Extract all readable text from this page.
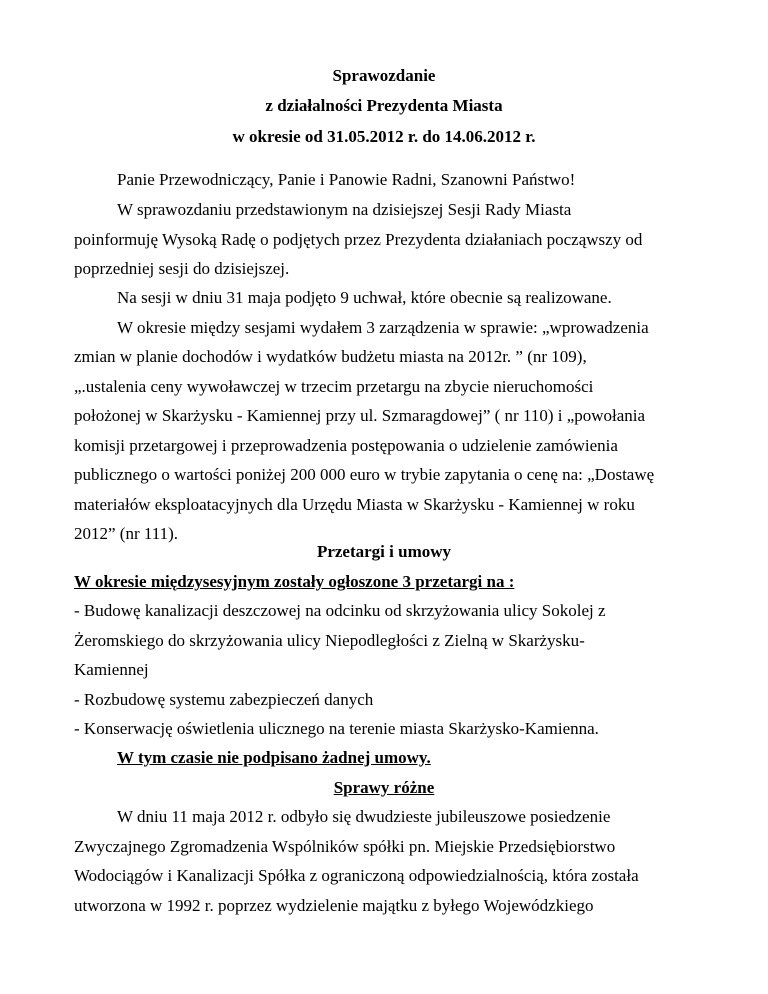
Sprawozdanie
z działalności Prezydenta Miasta
w okresie od 31.05.2012 r. do 14.06.2012 r.
Panie Przewodniczący, Panie i Panowie Radni, Szanowni Państwo!
W sprawozdaniu przedstawionym na dzisiejszej Sesji Rady Miasta
poinformuję Wysoką Radę o podjętych przez Prezydenta działaniach począwszy od
poprzedniej sesji do dzisiejszej.
Na sesji w dniu 31 maja podjęto 9 uchwał, które obecnie są realizowane.
W okresie między sesjami wydałem 3 zarządzenia w sprawie: „wprowadzenia
zmian w planie dochodów i wydatków budżetu miasta na 2012r. ” (nr 109),
„.ustalenia ceny wywoławczej w trzecim przetargu na zbycie nieruchomości
położonej w Skarżysku - Kamiennej przy ul. Szmaragdowej” ( nr 110) i „powołania
komisji przetargowej i przeprowadzenia postępowania o udzielenie zamówienia
publicznego o wartości poniżej 200 000 euro w trybie zapytania o cenę na: „Dostawę
materiałów eksploatacyjnych dla Urzędu Miasta w Skarżysku - Kamiennej w roku
2012” (nr 111).
Przetargi i umowy
W okresie międzysesyjnym zostały ogłoszone 3 przetargi na :
- Budowę kanalizacji deszczowej na odcinku od skrzyżowania ulicy Sokolej z
Żeromskiego do skrzyżowania ulicy Niepodległości z Zielną w Skarżysku-
Kamiennej
- Rozbudowę systemu zabezpieczeń danych
- Konserwację oświetlenia ulicznego na terenie miasta Skarżysko-Kamienna.
W tym czasie nie podpisano żadnej umowy.
Sprawy różne
W dniu 11 maja 2012 r. odbyło się dwudzieste jubileuszowe posiedzenie
Zwyczajnego Zgromadzenia Wspólników spółki pn. Miejskie Przedsiębiorstwo
Wodociągów i Kanalizacji Spółka z ograniczoną odpowiedzialnością, która została
utworzona w 1992 r. poprzez wydzielenie majątku z byłego Wojewódzkiego
